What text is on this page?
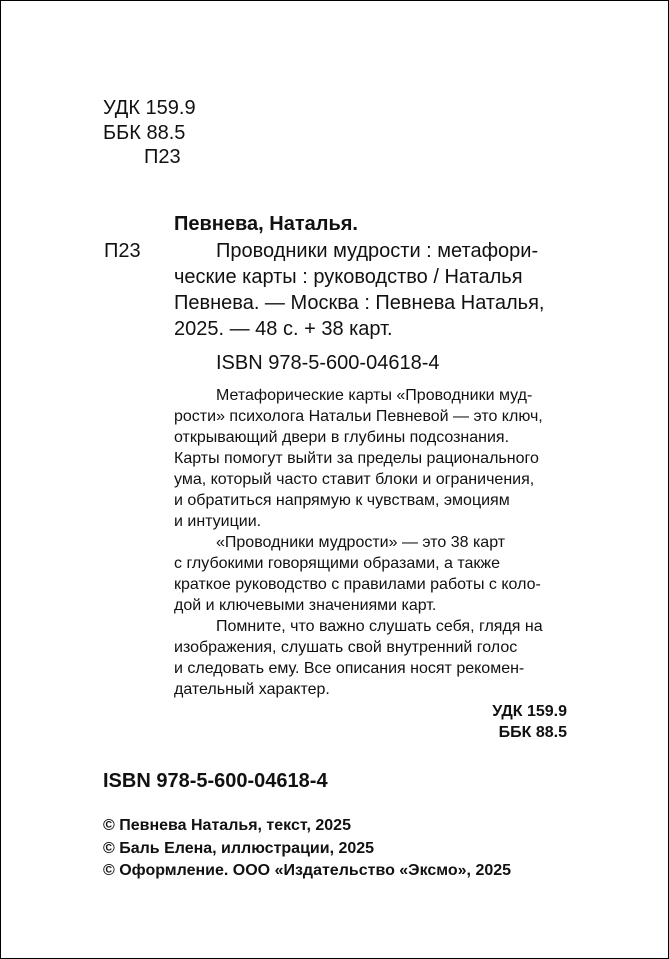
УДК 159.9
ББК 88.5
П23
Певнева, Наталья.
П23	Проводники мудрости : метафори-
ческие карты : руководство / Наталья
Певнева. — Москва : Певнева Наталья,
2025. — 48 с. + 38 карт.
ISBN 978-5-600-04618-4
Метафорические карты «Проводники муд-
рости» психолога Натальи Певневой — это ключ,
открывающий двери в глубины подсознания.
Карты помогут выйти за пределы рационального
ума, который часто ставит блоки и ограничения,
и обратиться напрямую к чувствам, эмоциям
и интуиции.
«Проводники мудрости» — это 38 карт
с глубокими говорящими образами, а также
краткое руководство с правилами работы с коло-
дой и ключевыми значениями карт.
Помните, что важно слушать себя, глядя на
изображения, слушать свой внутренний голос
и следовать ему. Все описания носят рекомен-
дательный характер.
УДК 159.9
ББК 88.5
ISBN 978-5-600-04618-4
© Певнева Наталья, текст, 2025
© Баль Елена, иллюстрации, 2025
© Оформление. ООО «Издательство «Эксмо», 2025
